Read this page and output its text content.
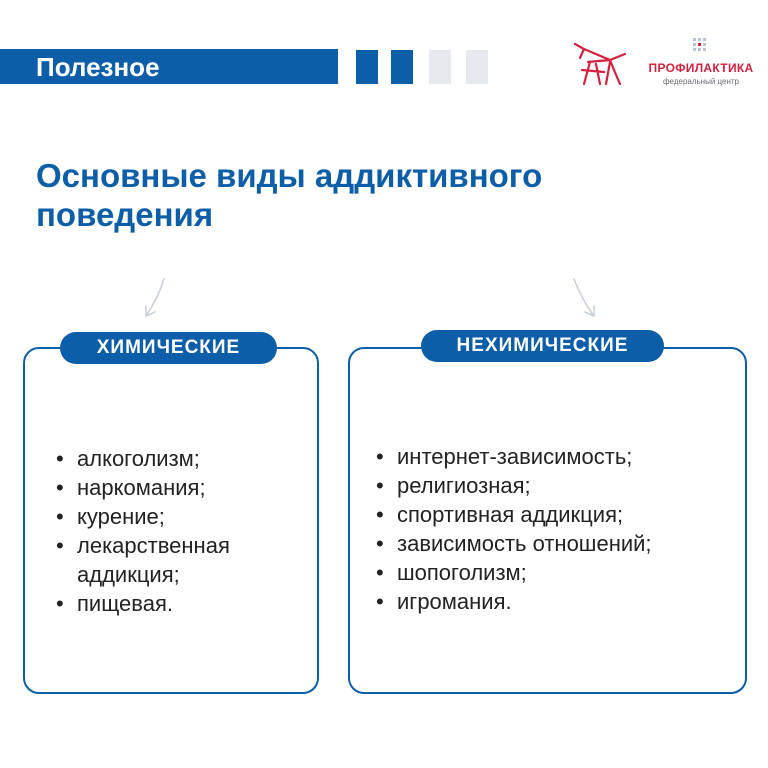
Полезное	ПРОФИЛАКТИКА
федеральный центр
Основные виды аддиктивного
поведения
ХИМИЧЕСКИЕ
• алкоголизм;
• наркомания;
• курение;
• лекарственная аддикция;
• пищевая.
НЕХИМИЧЕСКИЕ
• интернет-зависимость;
• религиозная;
• спортивная аддикция;
• зависимость отношений;
• шопоголизм;
• игромания.
